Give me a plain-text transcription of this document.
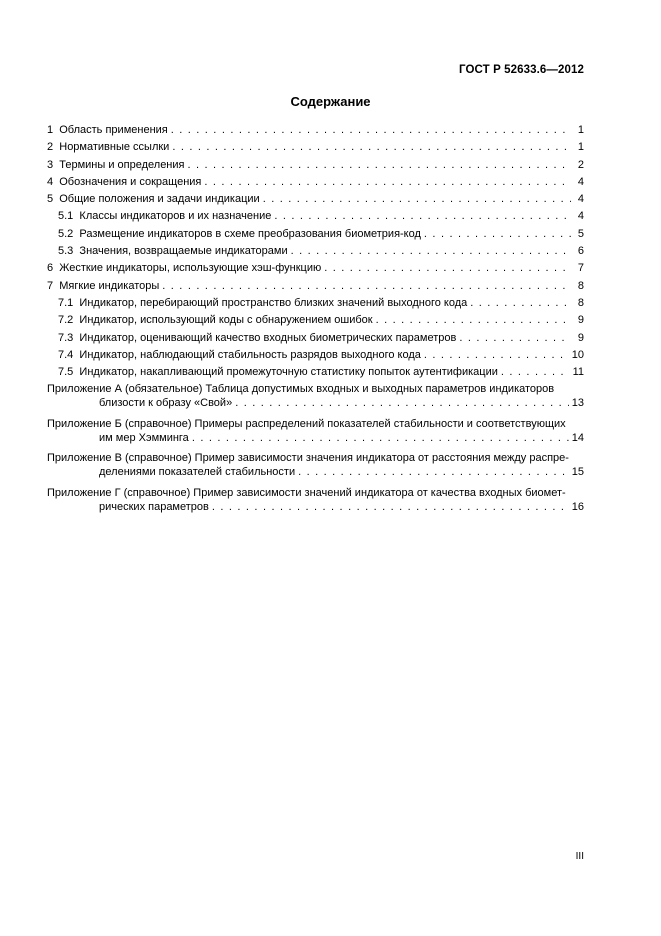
ГОСТ Р 52633.6—2012
Содержание
1 Область применения . . .	1
2 Нормативные ссылки . . .	1
3 Термины и определения . . .	2
4 Обозначения и сокращения . . .	4
5 Общие положения и задачи индикации . . .	4
5.1 Классы индикаторов и их назначение . . .	4
5.2 Размещение индикаторов в схеме преобразования биометрия-код . . .	5
5.3 Значения, возвращаемые индикаторами . . .	6
6 Жесткие индикаторы, использующие хэш-функцию . . .	7
7 Мягкие индикаторы . . .	8
7.1 Индикатор, перебирающий пространство близких значений выходного кода . . .	8
7.2 Индикатор, использующий коды с обнаружением ошибок . . .	9
7.3 Индикатор, оценивающий качество входных биометрических параметров . . .	9
7.4 Индикатор, наблюдающий стабильность разрядов выходного кода . . .	10
7.5 Индикатор, накапливающий промежуточную статистику попыток аутентификации . . .	11
Приложение А (обязательное) Таблица допустимых входных и выходных параметров индикаторов
близости к образу «Свой» . . .	13
Приложение Б (справочное) Примеры распределений показателей стабильности и соответствующих
им мер Хэмминга . . .	14
Приложение В (справочное) Пример зависимости значения индикатора от расстояния между распре-
делениями показателей стабильности . . .	15
Приложение Г (справочное) Пример зависимости значений индикатора от качества входных биомет-
рических параметров . . .	16
III
